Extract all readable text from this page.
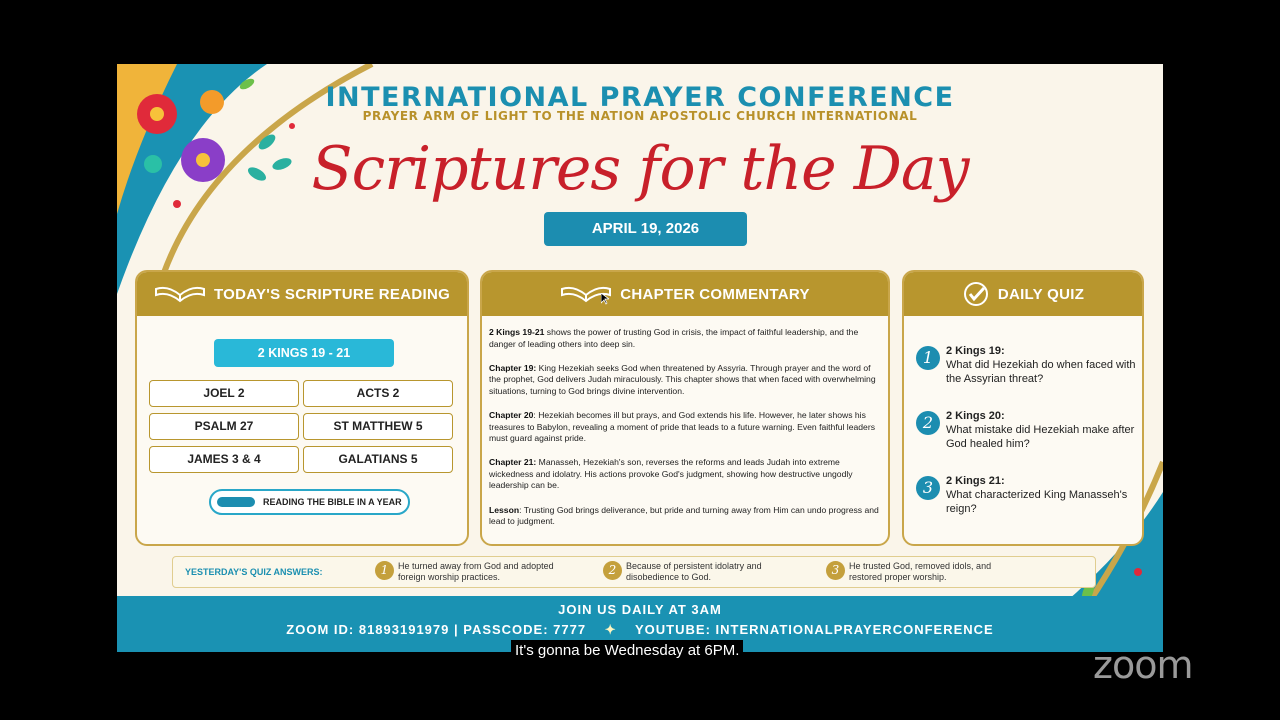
INTERNATIONAL PRAYER CONFERENCE
PRAYER ARM OF LIGHT TO THE NATION APOSTOLIC CHURCH INTERNATIONAL
Scriptures for the Day
APRIL 19, 2026
TODAY'S SCRIPTURE READING
2 KINGS 19 - 21
JOEL 2	ACTS 2
PSALM 27	ST MATTHEW 5
JAMES 3 & 4	GALATIANS 5
READING THE BIBLE IN A YEAR
CHAPTER COMMENTARY

2 Kings 19-21 shows the power of trusting God in crisis, the impact of faithful leadership, and the danger of leading others into deep sin.

Chapter 19: King Hezekiah seeks God when threatened by Assyria. Through prayer and the word of the prophet, God delivers Judah miraculously. This chapter shows that when faced with overwhelming situations, turning to God brings divine intervention.

Chapter 20: Hezekiah becomes ill but prays, and God extends his life. However, he later shows his treasures to Babylon, revealing a moment of pride that leads to a future warning. Even faithful leaders must guard against pride.

Chapter 21: Manasseh, Hezekiah's son, reverses the reforms and leads Judah into extreme wickedness and idolatry. His actions provoke God's judgment, showing how destructive ungodly leadership can be.

Lesson: Trusting God brings deliverance, but pride and turning away from Him can undo progress and lead to judgment.

DAILY QUIZ
1	2 Kings 19:
What did Hezekiah do when faced with the Assyrian threat?
2	2 Kings 20:
What mistake did Hezekiah make after God healed him?
3	2 Kings 21:
What characterized King Manasseh's reign?
YESTERDAY'S QUIZ ANSWERS:	1	He turned away from God and adopted foreign worship practices.	2	Because of persistent idolatry and disobedience to God.	3	He trusted God, removed idols, and restored proper worship.
JOIN US DAILY AT 3AM
ZOOM ID: 81893191979 | PASSCODE: 7777 ✦ YOUTUBE: INTERNATIONALPRAYERCONFERENCE
It's gonna be Wednesday at 6PM.	zoom
